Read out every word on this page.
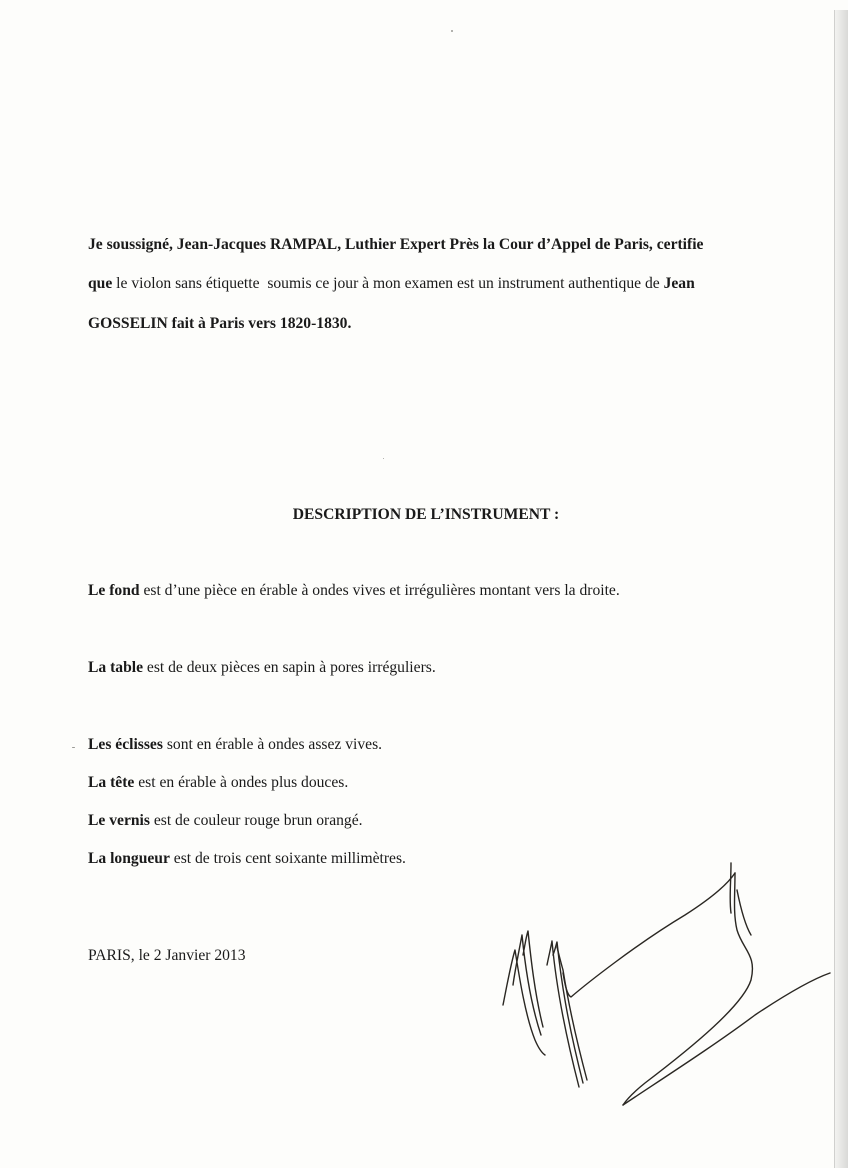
Je soussigné, Jean-Jacques RAMPAL, Luthier Expert Près la Cour d’Appel de Paris, certifie
que le violon sans étiquette  soumis ce jour à mon examen est un instrument authentique de Jean
GOSSELIN fait à Paris vers 1820-1830.
DESCRIPTION DE L’INSTRUMENT :
Le fond est d’une pièce en érable à ondes vives et irrégulières montant vers la droite.
La table est de deux pièces en sapin à pores irréguliers.
Les éclisses sont en érable à ondes assez vives.
La tête est en érable à ondes plus douces.
Le vernis est de couleur rouge brun orangé.
La longueur est de trois cent soixante millimètres.
PARIS, le 2 Janvier 2013
